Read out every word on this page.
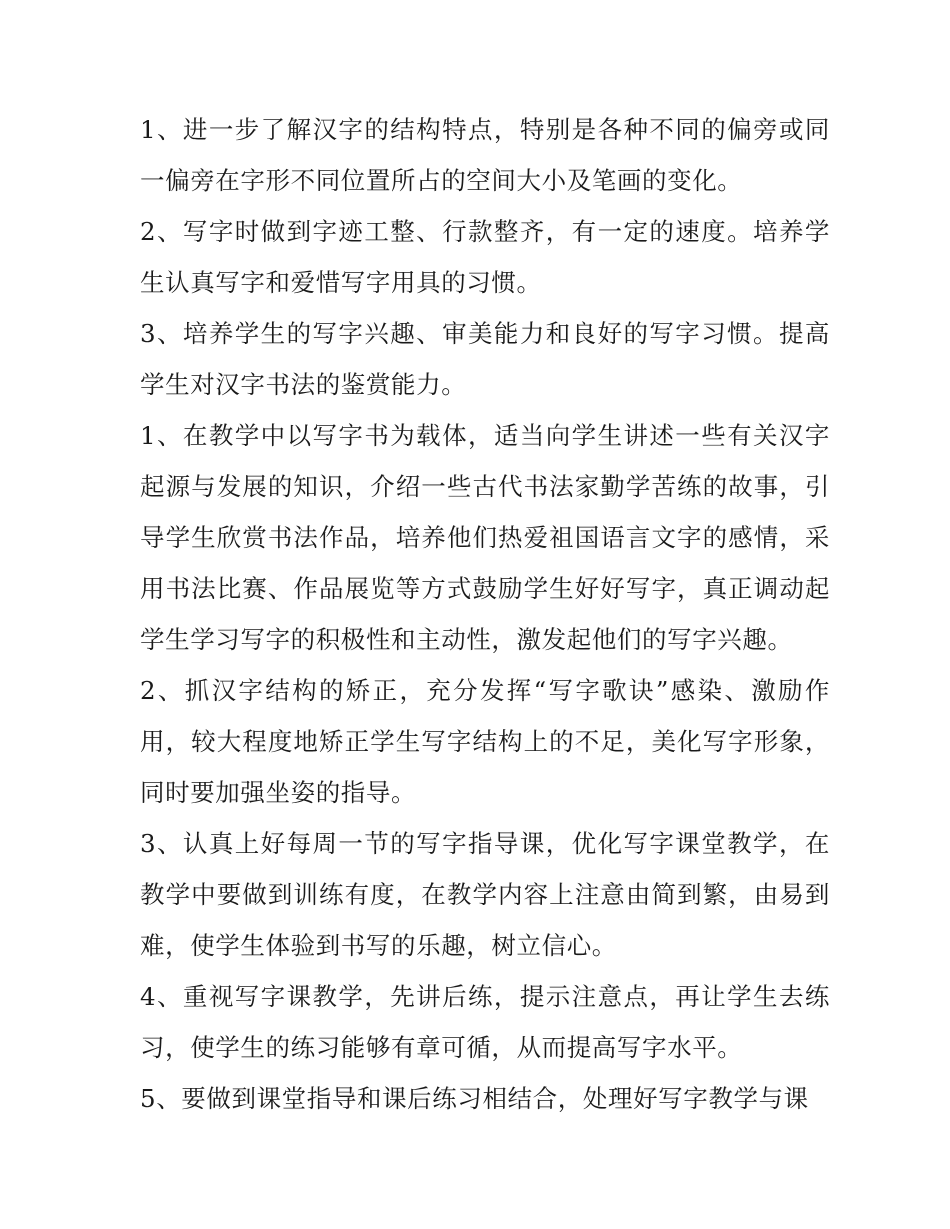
1、进一步了解汉字的结构特点，特别是各种不同的偏旁或同一偏旁在字形不同位置所占的空间大小及笔画的变化。

2、写字时做到字迹工整、行款整齐，有一定的速度。培养学生认真写字和爱惜写字用具的习惯。

3、培养学生的写字兴趣、审美能力和良好的写字习惯。提高学生对汉字书法的鉴赏能力。

1、在教学中以写字书为载体，适当向学生讲述一些有关汉字起源与发展的知识，介绍一些古代书法家勤学苦练的故事，引导学生欣赏书法作品，培养他们热爱祖国语言文字的感情，采用书法比赛、作品展览等方式鼓励学生好好写字，真正调动起学生学习写字的积极性和主动性，激发起他们的写字兴趣。

2、抓汉字结构的矫正，充分发挥“写字歌诀”感染、激励作用，较大程度地矫正学生写字结构上的不足，美化写字形象，同时要加强坐姿的指导。

3、认真上好每周一节的写字指导课，优化写字课堂教学，在教学中要做到训练有度，在教学内容上注意由简到繁，由易到难，使学生体验到书写的乐趣，树立信心。

4、重视写字课教学，先讲后练，提示注意点，再让学生去练习，使学生的练习能够有章可循，从而提高写字水平。

5、要做到课堂指导和课后练习相结合，处理好写字教学与课
